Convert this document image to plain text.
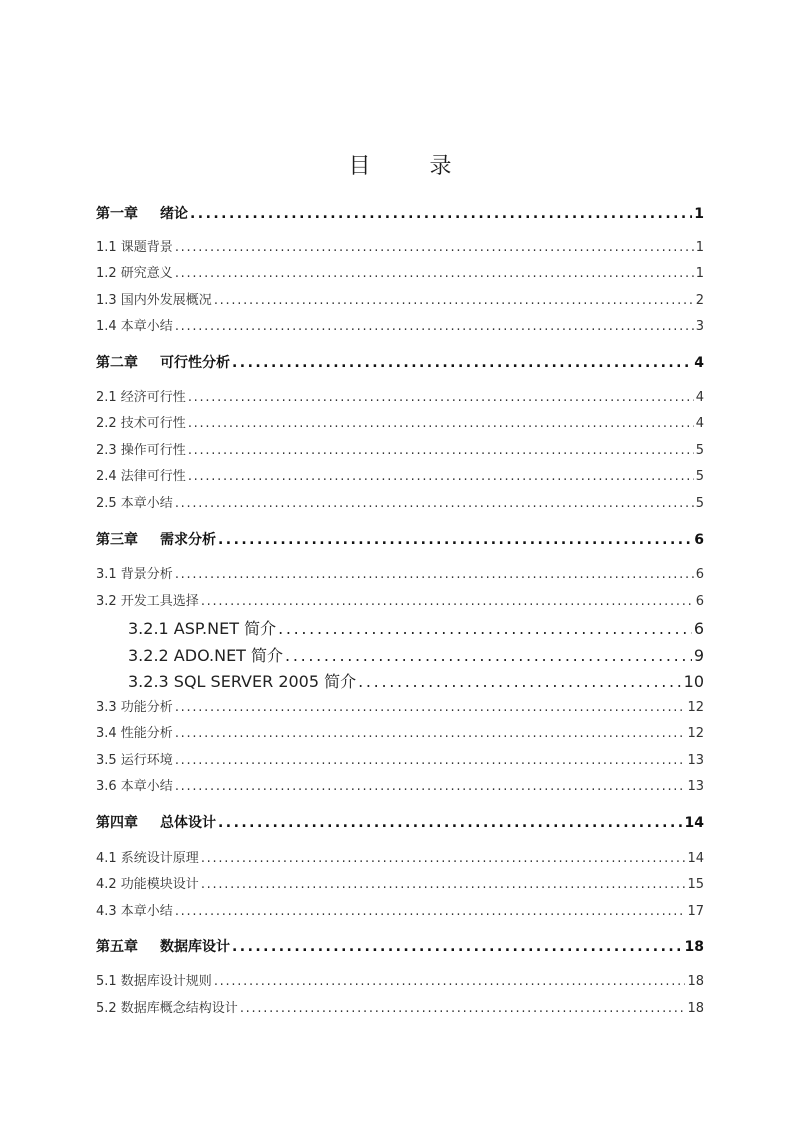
目 录
第一章 绪论 . . .	1
1.1 课题背景 . . .	1
1.2 研究意义 . . .	1
1.3 国内外发展概况 . . .	2
1.4 本章小结 . . .	3
第二章 可行性分析 . . .	4
2.1 经济可行性 . . .	4
2.2 技术可行性 . . .	4
2.3 操作可行性 . . .	5
2.4 法律可行性 . . .	5
2.5 本章小结 . . .	5
第三章 需求分析 . . .	6
3.1 背景分析 . . .	6
3.2 开发工具选择 . . .	6
3.2.1 ASP.NET 简介 . . .	6
3.2.2 ADO.NET 简介 . . .	9
3.2.3 SQL SERVER 2005 简介 . . .	10
3.3 功能分析 . . .	12
3.4 性能分析 . . .	12
3.5 运行环境 . . .	13
3.6 本章小结 . . .	13
第四章 总体设计 . . .	14
4.1 系统设计原理 . . .	14
4.2 功能模块设计 . . .	15
4.3 本章小结 . . .	17
第五章 数据库设计 . . .	18
5.1 数据库设计规则 . . .	18
5.2 数据库概念结构设计 . . .	18
